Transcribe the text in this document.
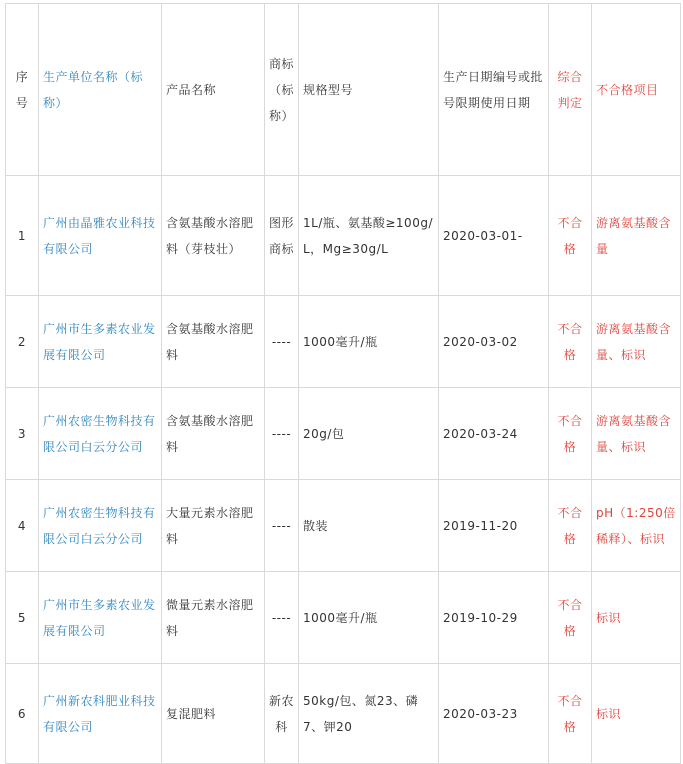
序号	生产单位名称（标称）	产品名称	商标（标称）	规格型号	生产日期编号或批号限期使用日期	综合判定	不合格项目
1	广州由晶雅农业科技有限公司	含氨基酸水溶肥料（芽枝壮）	图形商标	1L/瓶、氨基酸≥100g/L，Mg≥30g/L	2020-03-01-	不合格	游离氨基酸含量
2	广州市生多素农业发展有限公司	含氨基酸水溶肥料	----	1000毫升/瓶	2020-03-02	不合格	游离氨基酸含量、标识
3	广州农密生物科技有限公司白云分公司	含氨基酸水溶肥料	----	20g/包	2020-03-24	不合格	游离氨基酸含量、标识
4	广州农密生物科技有限公司白云分公司	大量元素水溶肥料	----	散装	2019-11-20	不合格	pH（1:250倍稀释）、标识
5	广州市生多素农业发展有限公司	微量元素水溶肥料	----	1000毫升/瓶	2019-10-29	不合格	标识
6	广州新农科肥业科技有限公司	复混肥料	新农科	50kg/包、氮23、磷7、钾20	2020-03-23	不合格	标识
